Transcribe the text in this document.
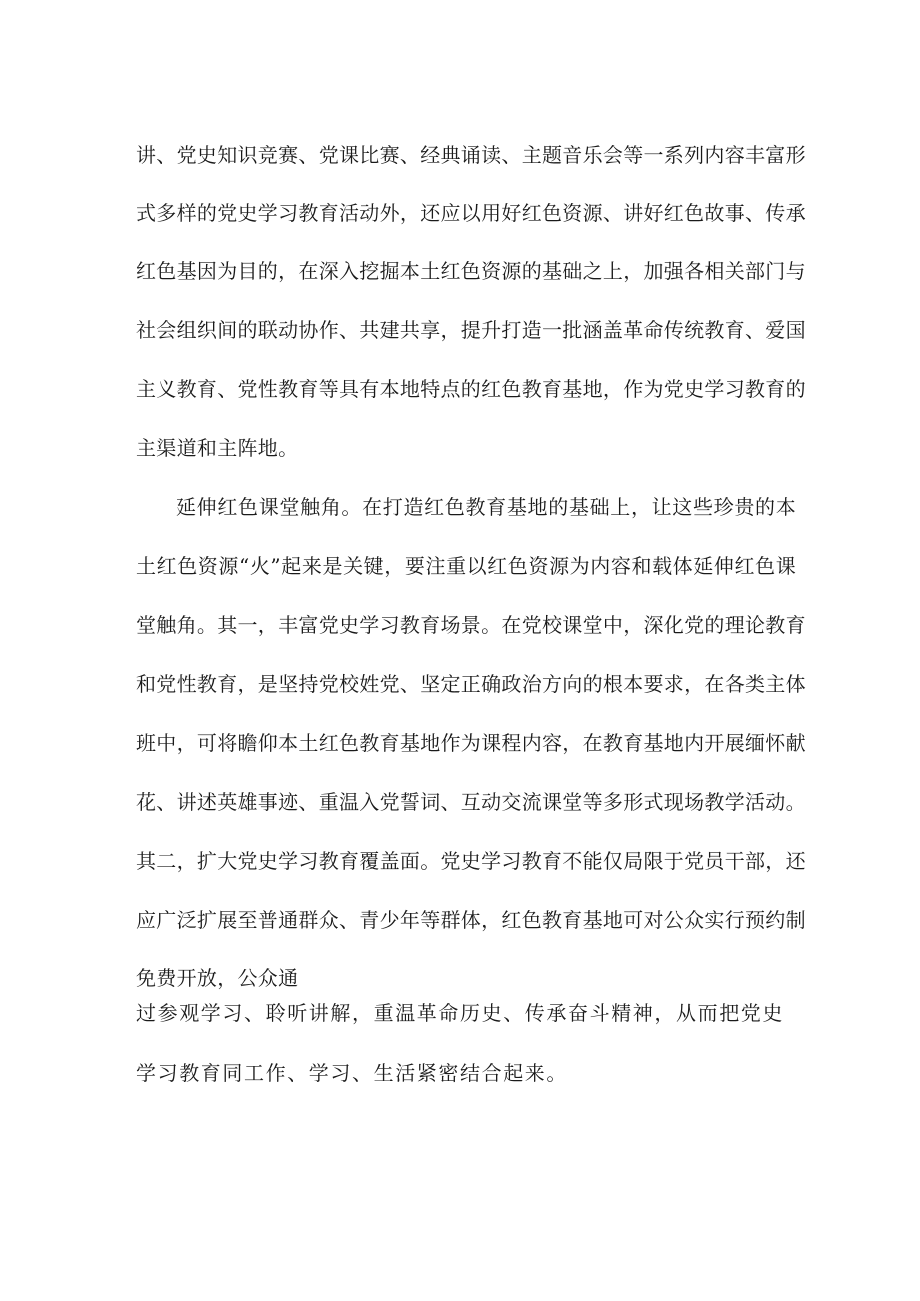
讲、党史知识竞赛、党课比赛、经典诵读、主题音乐会等一系列内容丰富形
式多样的党史学习教育活动外，还应以用好红色资源、讲好红色故事、传承
红色基因为目的，在深入挖掘本土红色资源的基础之上，加强各相关部门与
社会组织间的联动协作、共建共享，提升打造一批涵盖革命传统教育、爱国
主义教育、党性教育等具有本地特点的红色教育基地，作为党史学习教育的
主渠道和主阵地。
延伸红色课堂触角。在打造红色教育基地的基础上，让这些珍贵的本
土红色资源“火”起来是关键，要注重以红色资源为内容和载体延伸红色课
堂触角。其一，丰富党史学习教育场景。在党校课堂中，深化党的理论教育
和党性教育，是坚持党校姓党、坚定正确政治方向的根本要求，在各类主体
班中，可将瞻仰本土红色教育基地作为课程内容，在教育基地内开展缅怀献
花、讲述英雄事迹、重温入党誓词、互动交流课堂等多形式现场教学活动。
其二，扩大党史学习教育覆盖面。党史学习教育不能仅局限于党员干部，还
应广泛扩展至普通群众、青少年等群体，红色教育基地可对公众实行预约制
免费开放，公众通
过参观学习、聆听讲解，重温革命历史、传承奋斗精神，从而把党史
学习教育同工作、学习、生活紧密结合起来。
